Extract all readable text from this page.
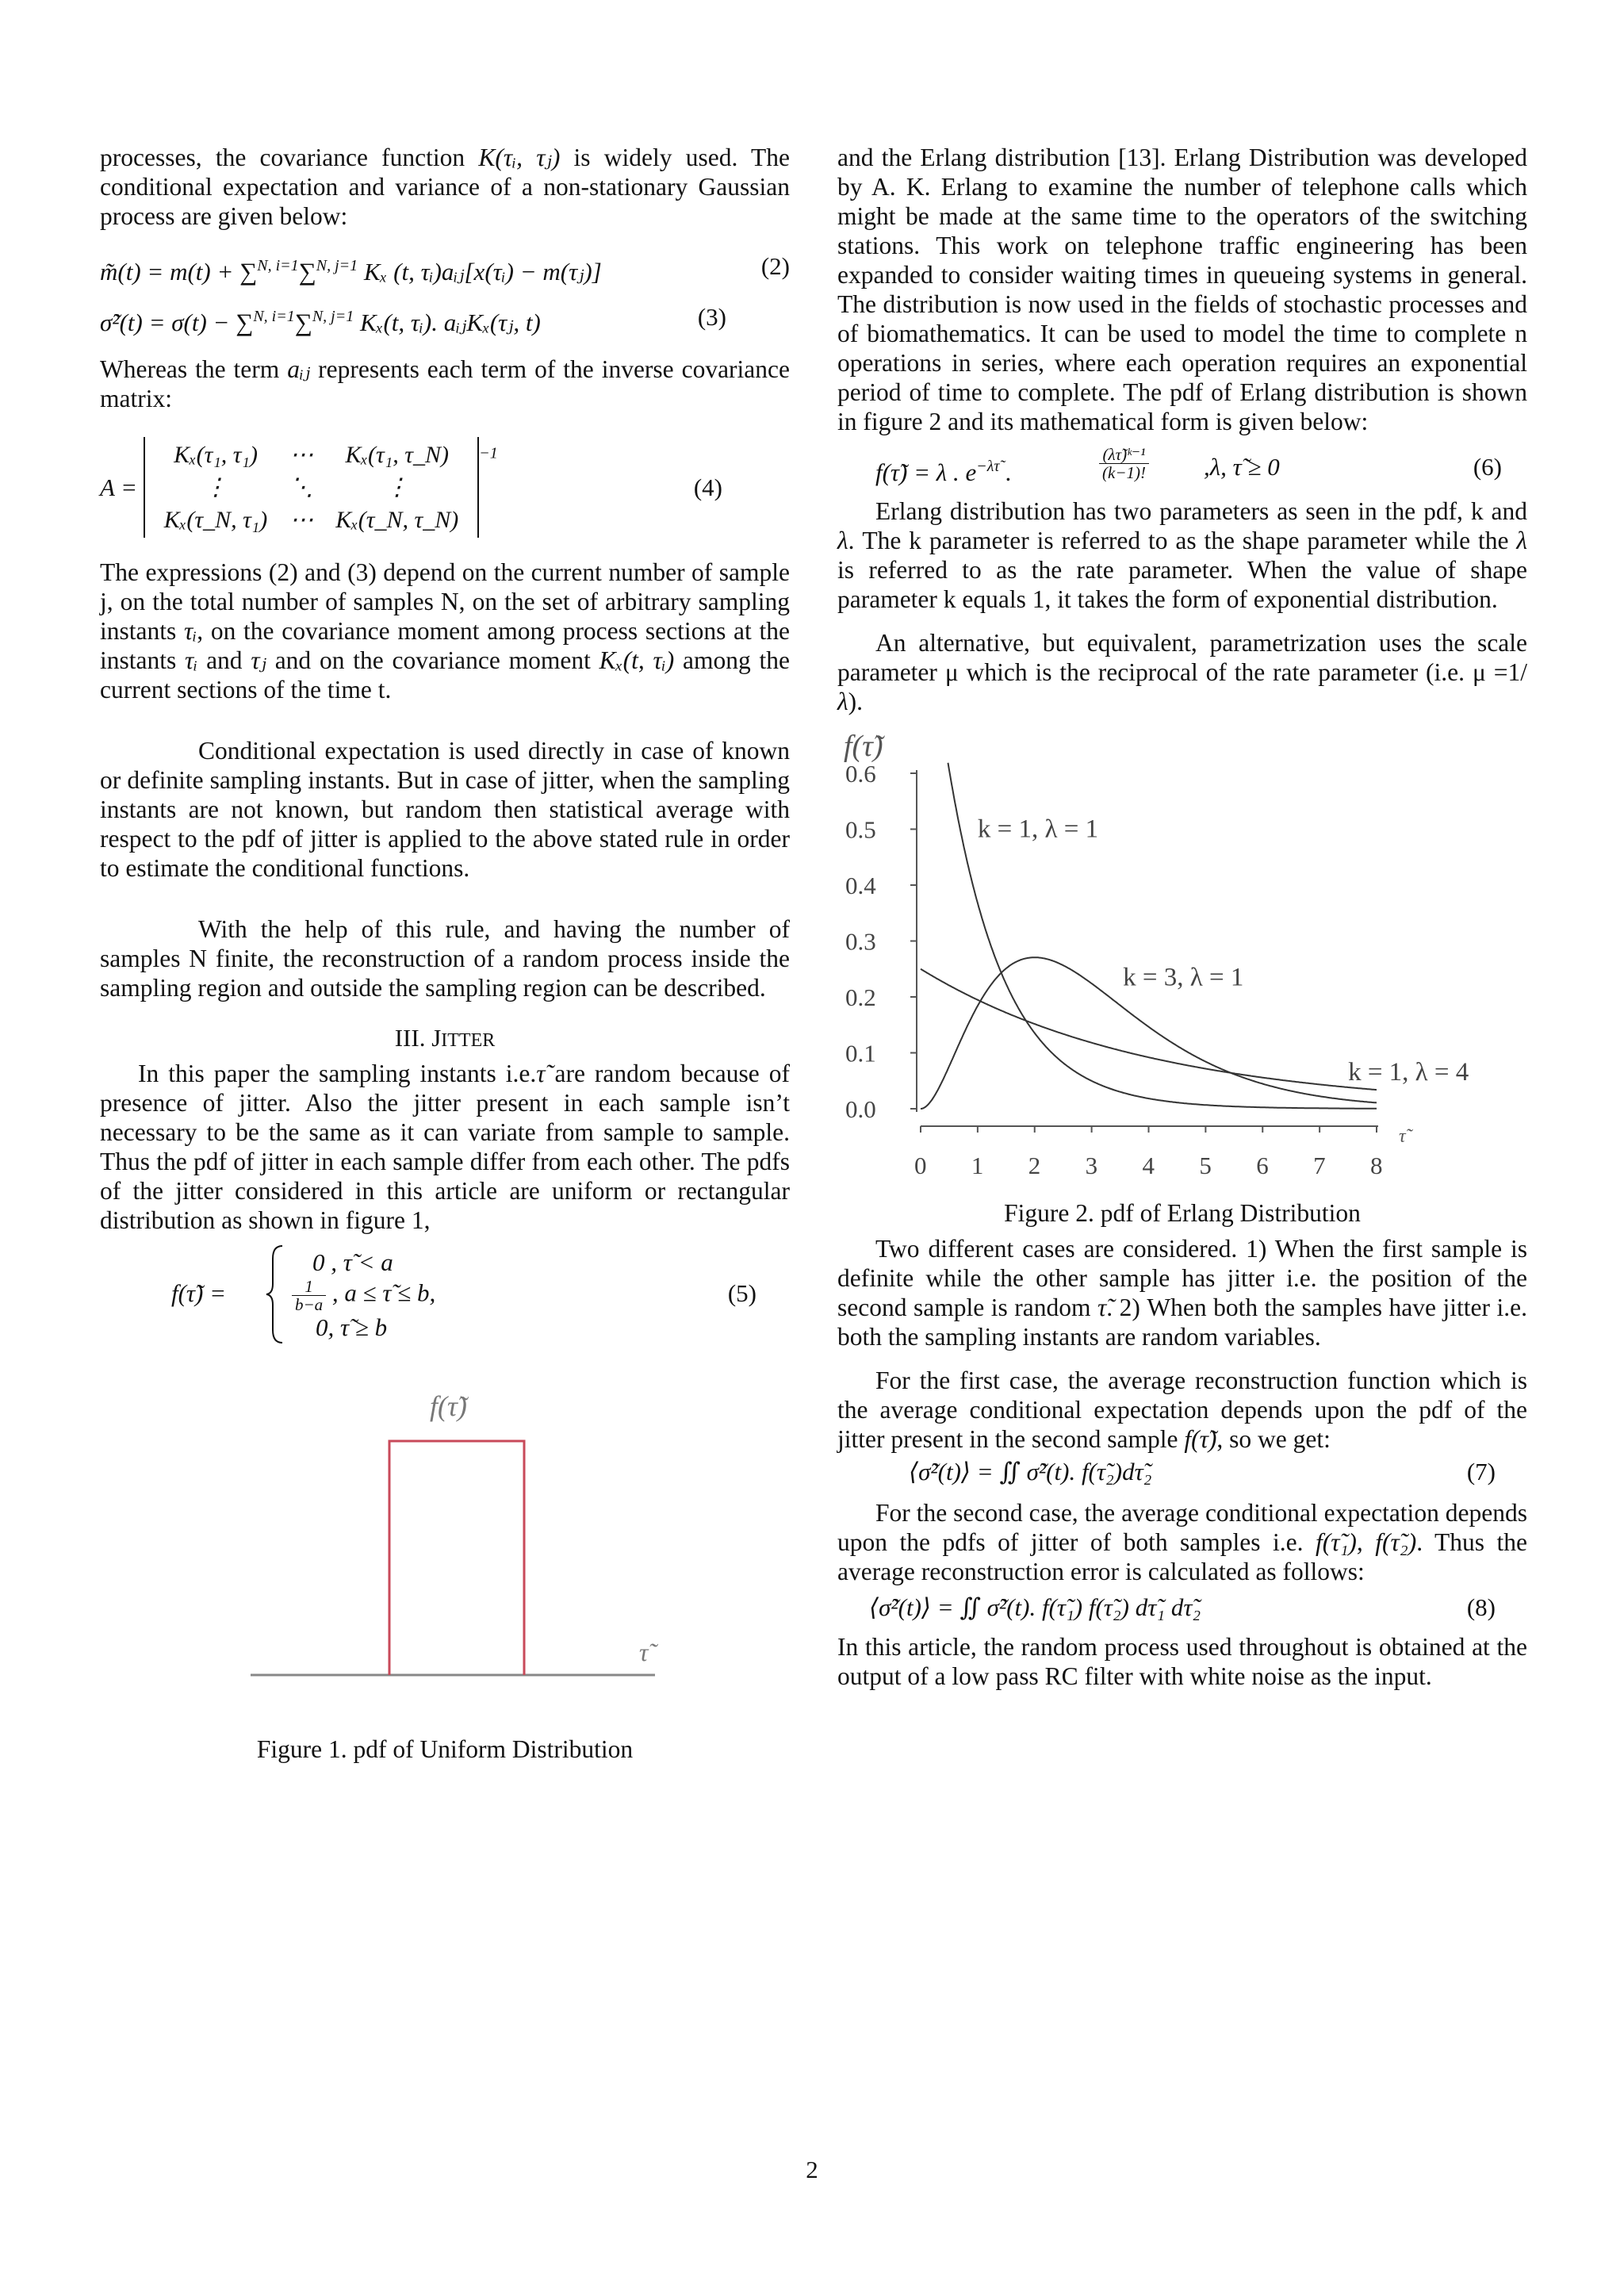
processes, the covariance function K(τᵢ, τⱼ) is widely used. The conditional expectation and variance of a non-stationary Gaussian process are given below:

m̃(t) = m(t) + ∑$^{N, i=1}$∑$^{N, j=1}$ Kₓ (t, τᵢ)aᵢⱼ[x(τᵢ) − m(τⱼ)]	(2)
σ̃²(t) = σ(t) − ∑$^{N, i=1}$∑$^{N, j=1}$ Kₓ(t, τᵢ). aᵢⱼKₓ(τⱼ, t)	(3)

Whereas the term aᵢⱼ represents each term of the inverse covariance matrix:

A =
Kₓ(τ₁, τ₁)	⋯	Kₓ(τ₁, τ_N)
⋮	⋱	⋮
Kₓ(τ_N, τ₁)	⋯	Kₓ(τ_N, τ_N)
$^{-1}$
(4)

The expressions (2) and (3) depend on the current number of sample j, on the total number of samples N, on the set of arbitrary sampling instants τᵢ, on the covariance moment among process sections at the instants τᵢ and τⱼ and on the covariance moment Kₓ(t, τᵢ) among the current sections of the time t.

Conditional expectation is used directly in case of known or definite sampling instants. But in case of jitter, when the sampling instants are not known, but random then statistical average with respect to the pdf of jitter is applied to the above stated rule in order to estimate the conditional functions.

With the help of this rule, and having the number of samples N finite, the reconstruction of a random process inside the sampling region and outside the sampling region can be described.

III. JITTER

In this paper the sampling instants i.e.τ̃ are random because of presence of jitter. Also the jitter present in each sample isn’t necessary to be the same as it can variate from sample to sample. Thus the pdf of jitter in each sample differ from each other. The pdfs of the jitter considered in this article are uniform or rectangular distribution as shown in figure 1,

f(τ̃) =
0 , τ̃ < a
$\frac{1}{b-a}$ , a ≤ τ̃ ≤ b,
0, τ̃ ≥ b
(5)
f(τ̃)
τ̃
Figure 1. pdf of Uniform Distribution

and the Erlang distribution [13]. Erlang Distribution was developed by A. K. Erlang to examine the number of telephone calls which might be made at the same time to the operators of the switching stations. This work on telephone traffic engineering has been expanded to consider waiting times in queueing systems in general. The distribution is now used in the fields of stochastic processes and of biomathematics. It can be used to model the time to complete n operations in series, where each operation requires an exponential period of time to complete. The pdf of Erlang distribution is shown in figure 2 and its mathematical form is given below:

f(τ̃) = λ . $e^{-\lambda\taũ}$ .	$\frac{\text{(λτ̃)ᵏ⁻¹}}{(k-1)!} ,\lambda$, τ̃ ≥ 0	(6)

Erlang distribution has two parameters as seen in the pdf, k and λ. The k parameter is referred to as the shape parameter while the λ is referred to as the rate parameter. When the value of shape parameter k equals 1, it takes the form of exponential distribution.

An alternative, but equivalent, parametrization uses the scale parameter μ which is the reciprocal of the rate parameter (i.e. μ =1/ λ).

0.0
0.1
0.2
0.3
0.4
0.5
0.6
0 1 2 3 4 5 6 7 8
f(τ̃)
τ̃
k = 1, λ = 1
k = 3, λ = 1
k = 1, λ = 4
Figure 2. pdf of Erlang Distribution

Two different cases are considered. 1) When the first sample is definite while the other sample has jitter i.e. the position of the second sample is random τ̃. 2) When both the samples have jitter i.e. both the sampling instants are random variables.

For the first case, the average reconstruction function which is the average conditional expectation depends upon the pdf of the jitter present in the second sample f(τ̃), so we get:

⟨σ̃²(t)⟩ = ∬ σ̃²(t). f(τ̃₂)dτ̃₂	(7)

For the second case, the average conditional expectation depends upon the pdfs of jitter of both samples i.e. f(τ̃₁), f(τ̃₂). Thus the average reconstruction error is calculated as follows:

⟨σ̃²(t)⟩ = ∬ σ̃²(t). f(τ̃₁) f(τ̃₂) dτ̃₁ dτ̃₂	(8)

In this article, the random process used throughout is obtained at the output of a low pass RC filter with white noise as the input.

2
